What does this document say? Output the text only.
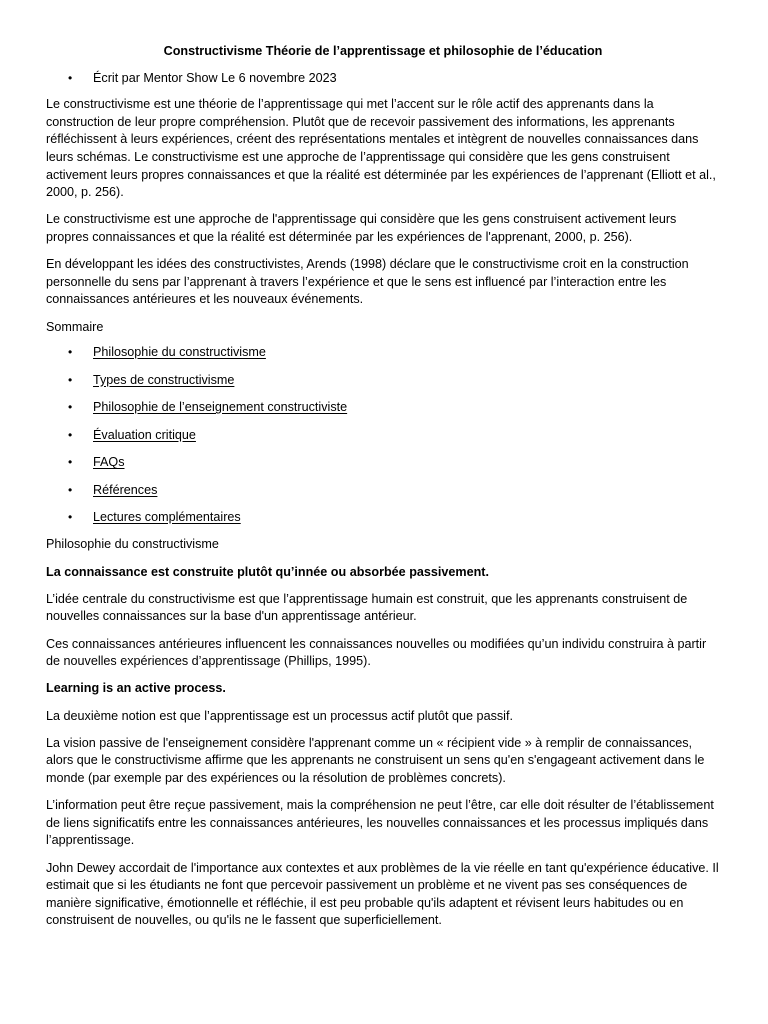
Constructivisme Théorie de l’apprentissage et philosophie de l’éducation
• Écrit par Mentor Show Le 6 novembre 2023

Le constructivisme est une théorie de l’apprentissage qui met l’accent sur le rôle actif des apprenants dans la construction de leur propre compréhension. Plutôt que de recevoir passivement des informations, les apprenants réfléchissent à leurs expériences, créent des représentations mentales et intègrent de nouvelles connaissances dans leurs schémas. Le constructivisme est une approche de l’apprentissage qui considère que les gens construisent activement leurs propres connaissances et que la réalité est déterminée par les expériences de l’apprenant (Elliott et al., 2000, p. 256).

Le constructivisme est une approche de l'apprentissage qui considère que les gens construisent activement leurs propres connaissances et que la réalité est déterminée par les expériences de l'apprenant, 2000, p. 256).

En développant les idées des constructivistes, Arends (1998) déclare que le constructivisme croit en la construction personnelle du sens par l’apprenant à travers l’expérience et que le sens est influencé par l’interaction entre les connaissances antérieures et les nouveaux événements.

Sommaire
• Philosophie du constructivisme
• Types de constructivisme
• Philosophie de l’enseignement constructiviste
• Évaluation critique
• FAQs
• Références
• Lectures complémentaires

Philosophie du constructivisme

La connaissance est construite plutôt qu’innée ou absorbée passivement.

L’idée centrale du constructivisme est que l’apprentissage humain est construit, que les apprenants construisent de nouvelles connaissances sur la base d'un apprentissage antérieur.

Ces connaissances antérieures influencent les connaissances nouvelles ou modifiées qu’un individu construira à partir de nouvelles expériences d’apprentissage (Phillips, 1995).

Learning is an active process.

La deuxième notion est que l’apprentissage est un processus actif plutôt que passif.

La vision passive de l'enseignement considère l'apprenant comme un « récipient vide » à remplir de connaissances, alors que le constructivisme affirme que les apprenants ne construisent un sens qu'en s'engageant activement dans le monde (par exemple par des expériences ou la résolution de problèmes concrets).

L’information peut être reçue passivement, mais la compréhension ne peut l’être, car elle doit résulter de l’établissement de liens significatifs entre les connaissances antérieures, les nouvelles connaissances et les processus impliqués dans l’apprentissage.

John Dewey accordait de l'importance aux contextes et aux problèmes de la vie réelle en tant qu'expérience éducative. Il estimait que si les étudiants ne font que percevoir passivement un problème et ne vivent pas ses conséquences de manière significative, émotionnelle et réfléchie, il est peu probable qu'ils adaptent et révisent leurs habitudes ou en construisent de nouvelles, ou qu'ils ne le fassent que superficiellement.
